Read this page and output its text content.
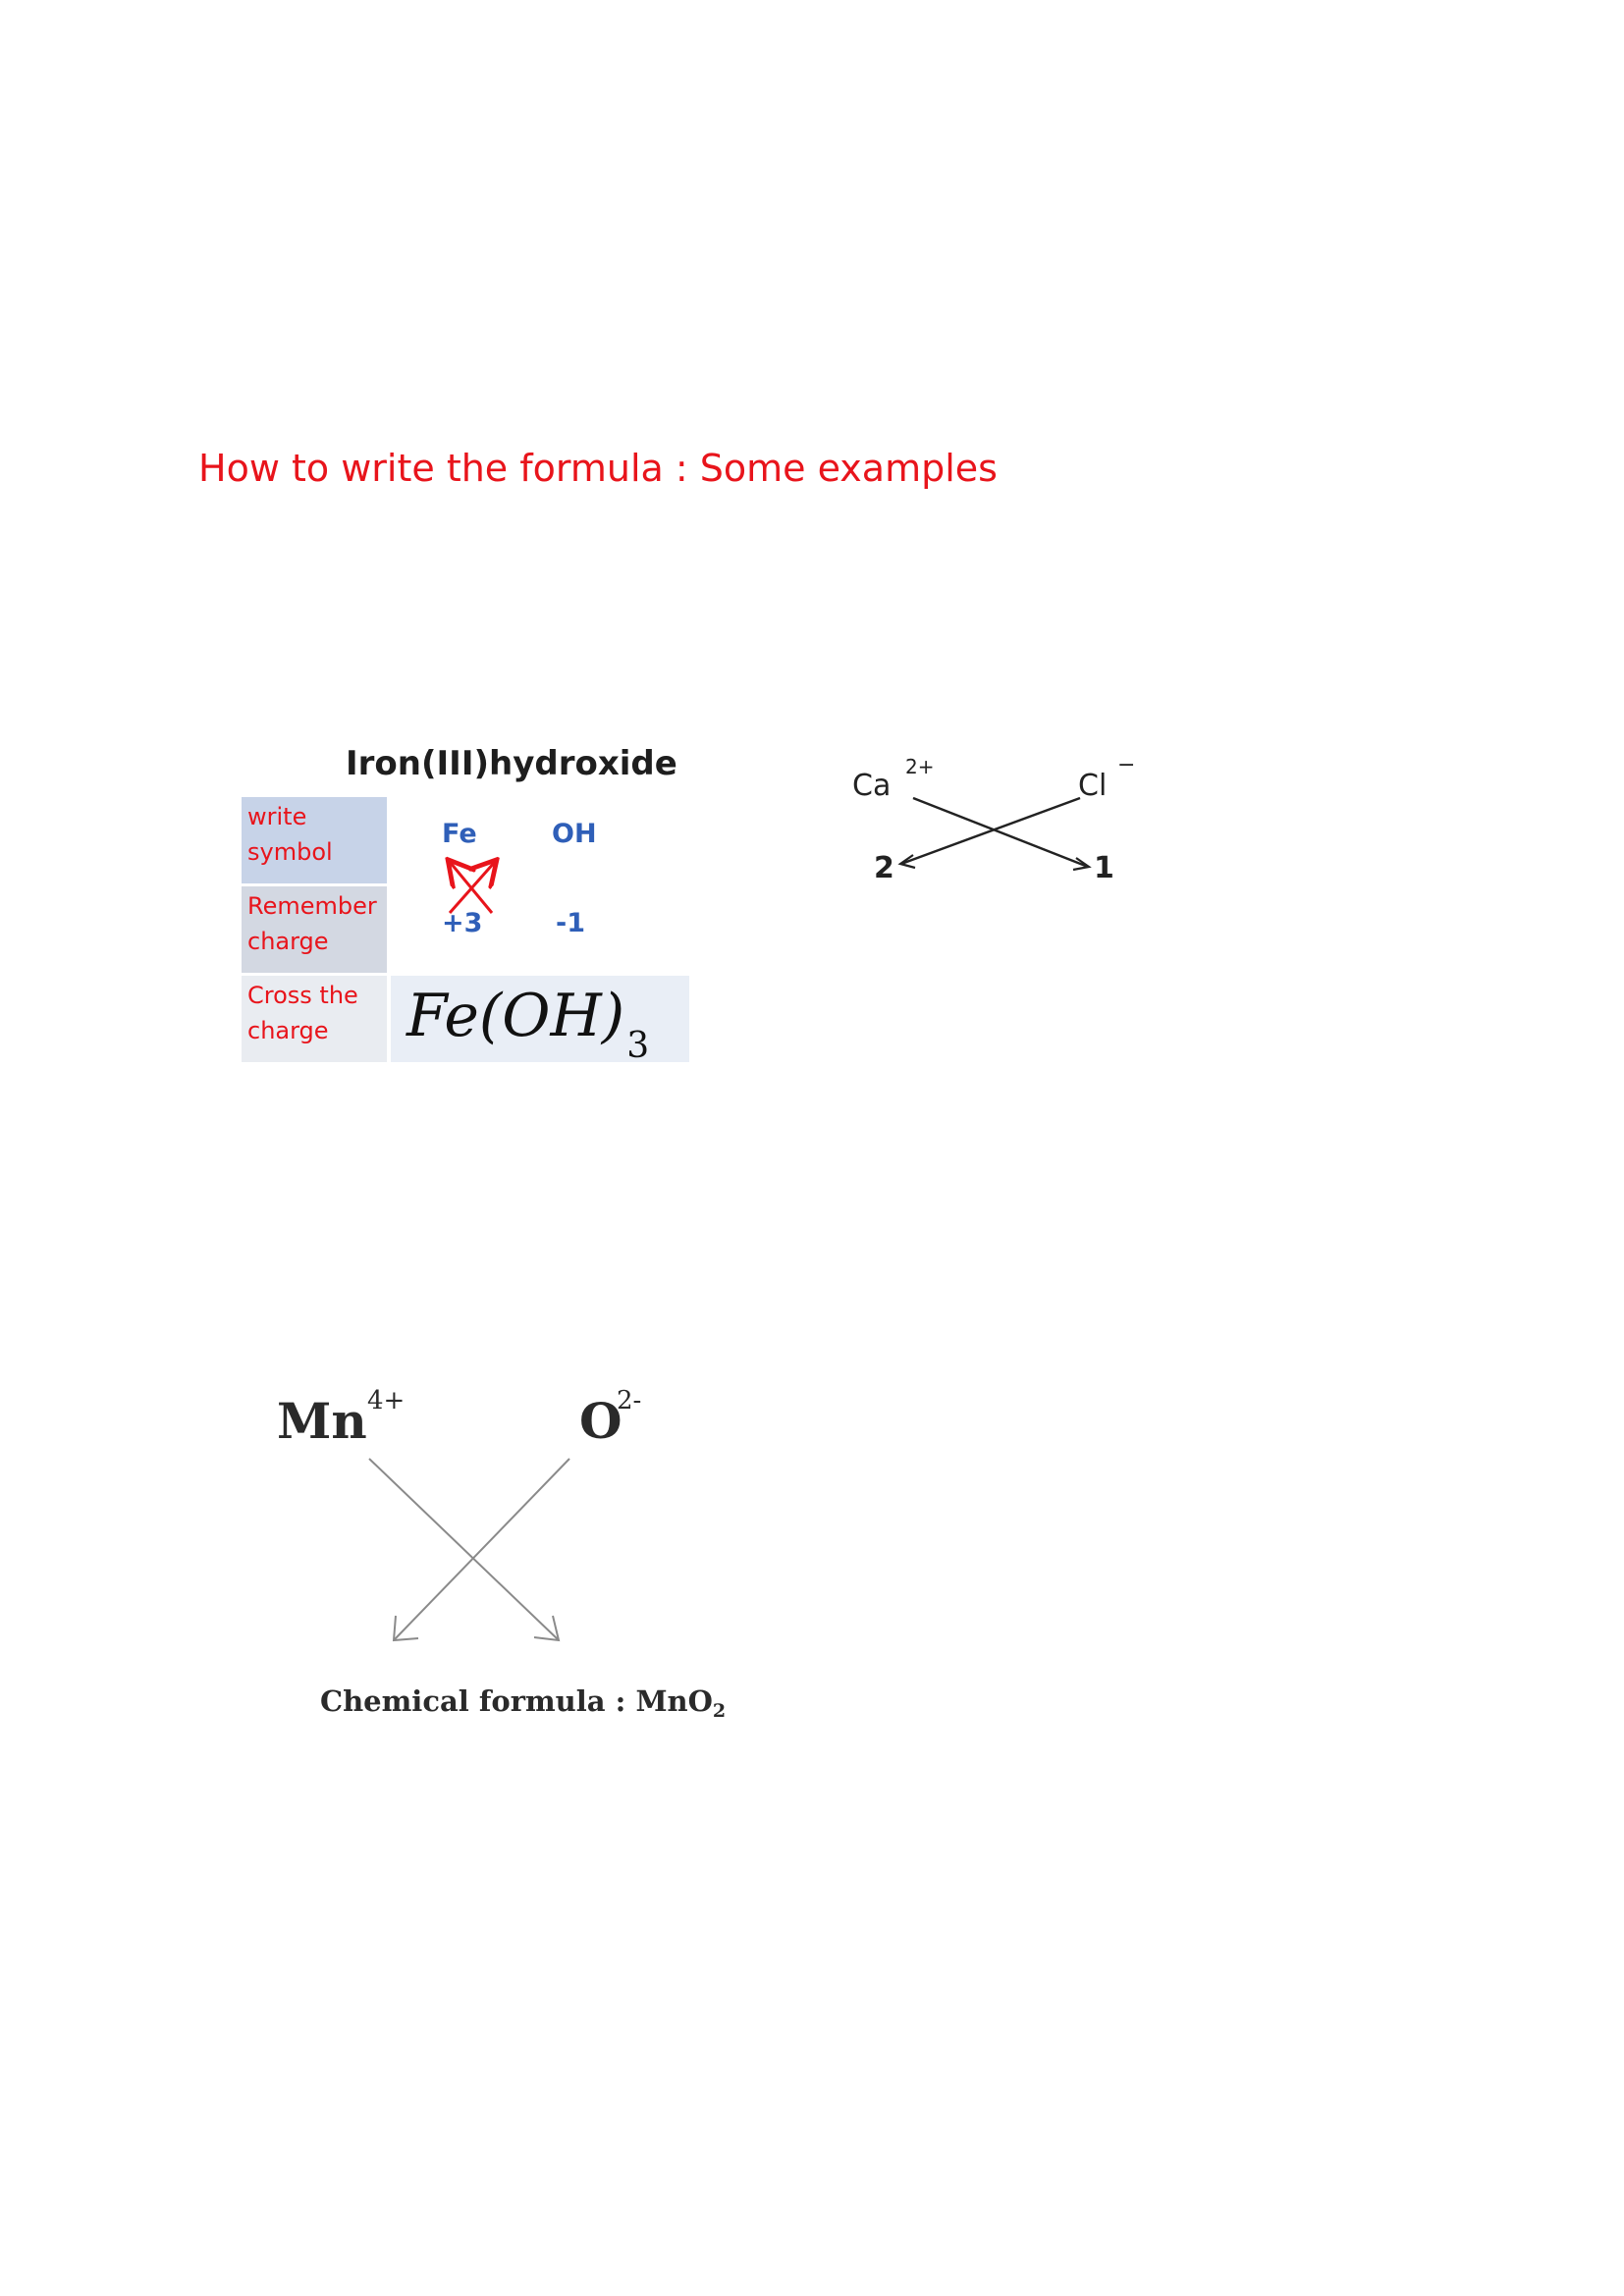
How to write the formula : Some examples
Iron(III)hydroxide
write
symbol
Fe	OH
Remember
charge
+3	-1
Cross the
charge	$Fe(OH)_3$
Ca
2+
Cl
−
2	1
Mn 4+	O
2-
Chemical formula : MnO$_2$
